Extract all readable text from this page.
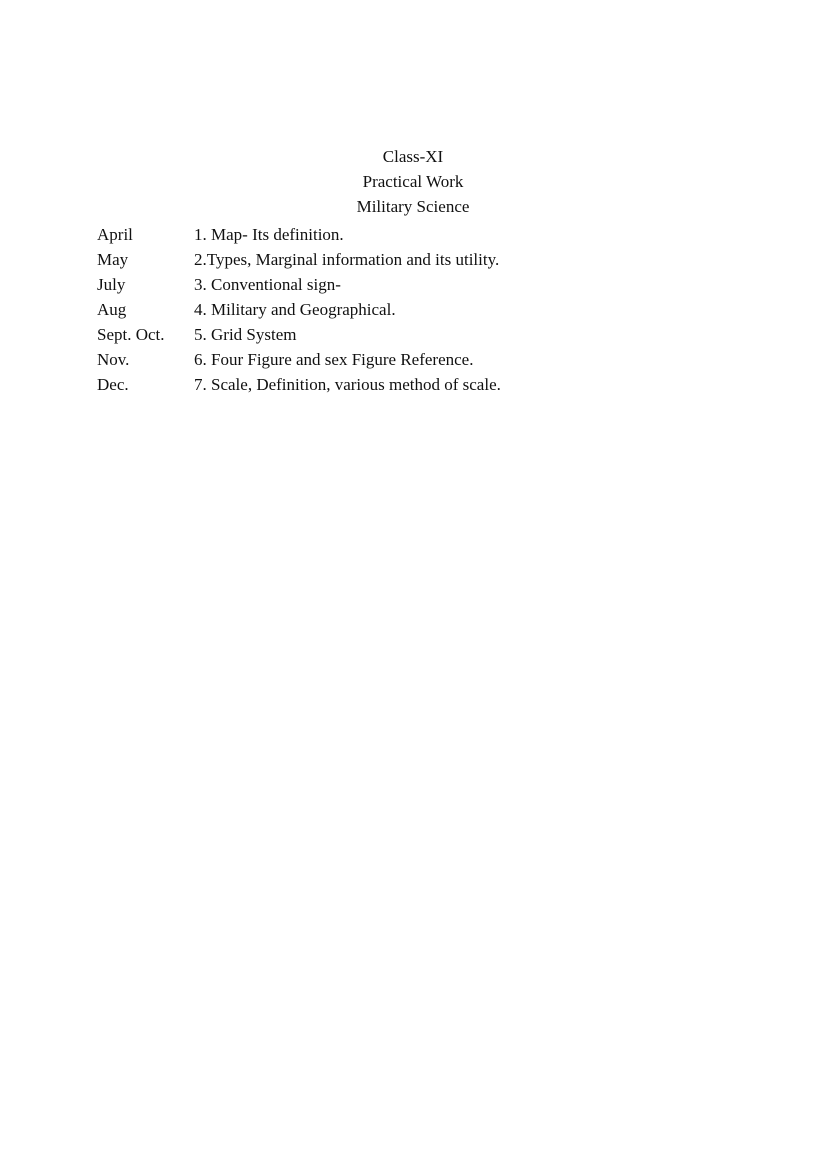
Class-XI
Practical Work
Military Science
April	1. Map- Its definition.
May	2.Types, Marginal information and its utility.
July	3. Conventional sign-
Aug	4. Military and Geographical.
Sept. Oct.	5. Grid System
Nov.	6. Four Figure and sex Figure Reference.
Dec.	7. Scale, Definition, various method of scale.
